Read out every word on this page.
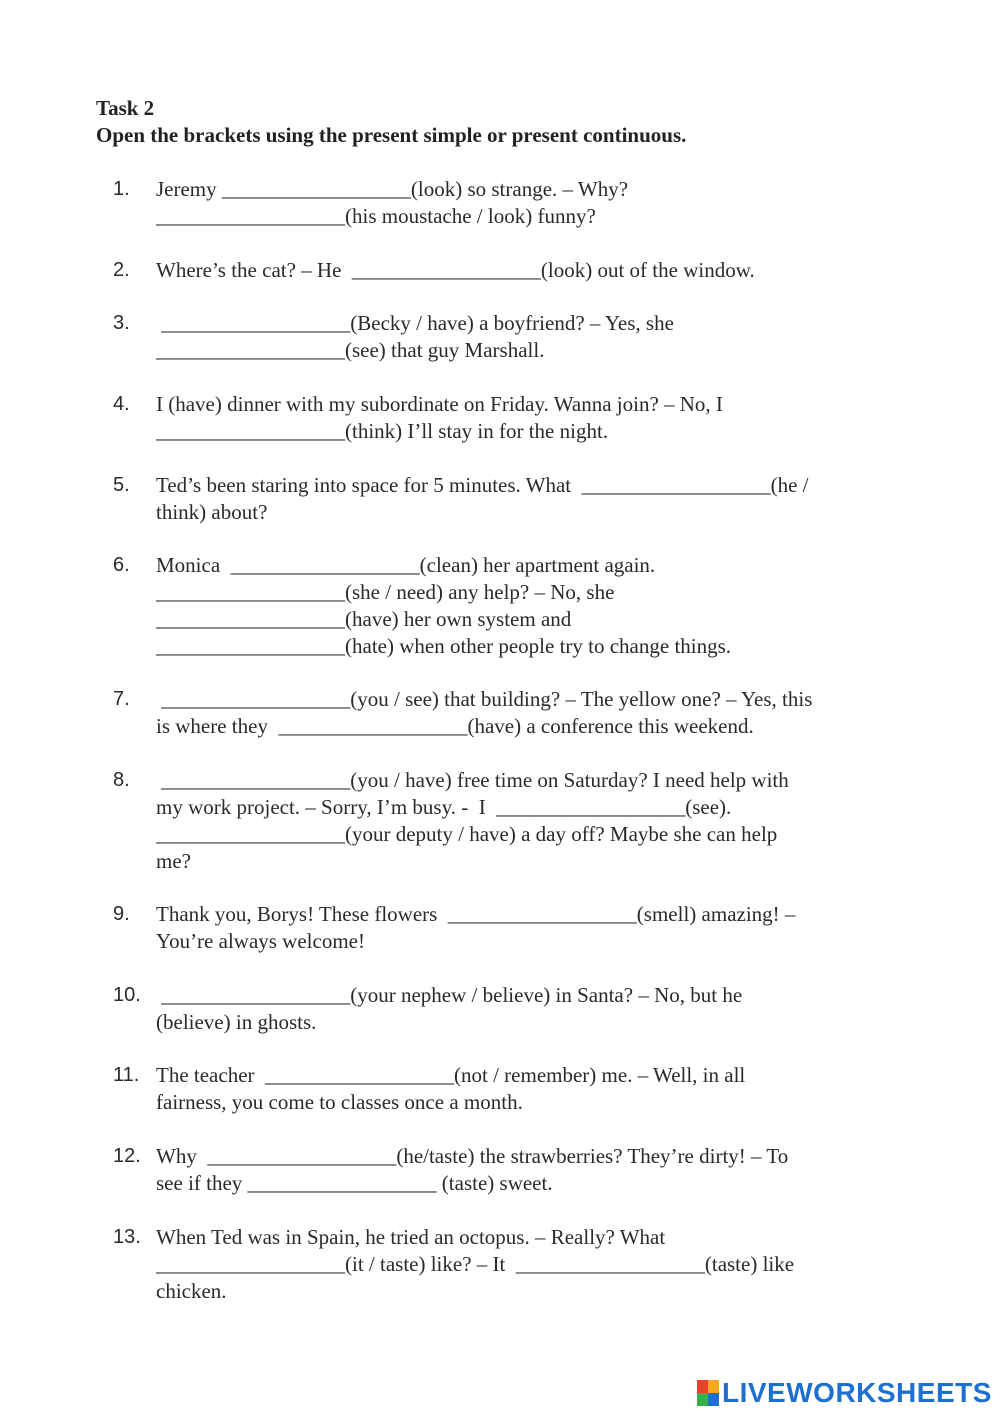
Task 2
Open the brackets using the present simple or present continuous.
1.	Jeremy __________________(look) so strange. – Why?
__________________(his moustache / look) funny?
2.	Where’s the cat? – He  __________________(look) out of the window.
3.	__________________(Becky / have) a boyfriend? – Yes, she
__________________(see) that guy Marshall.
4.	I (have) dinner with my subordinate on Friday. Wanna join? – No, I
__________________(think) I’ll stay in for the night.
5.	Ted’s been staring into space for 5 minutes. What  __________________(he /
think) about?
6.	Monica  __________________(clean) her apartment again.
__________________(she / need) any help? – No, she
__________________(have) her own system and
__________________(hate) when other people try to change things.
7.	__________________(you / see) that building? – The yellow one? – Yes, this
is where they  __________________(have) a conference this weekend.
8.	__________________(you / have) free time on Saturday? I need help with
my work project. – Sorry, I’m busy. -  I  __________________(see).
__________________(your deputy / have) a day off? Maybe she can help
me?
9.	Thank you, Borys! These flowers  __________________(smell) amazing! –
You’re always welcome!
10. __________________(your nephew / believe) in Santa? – No, but he
(believe) in ghosts.
11. The teacher  __________________(not / remember) me. – Well, in all
fairness, you come to classes once a month.
12. Why  __________________(he/taste) the strawberries? They’re dirty! – To
see if they __________________ (taste) sweet.
13. When Ted was in Spain, he tried an octopus. – Really? What
__________________(it / taste) like? – It  __________________(taste) like
chicken.
LIVEWORKSHEETS
